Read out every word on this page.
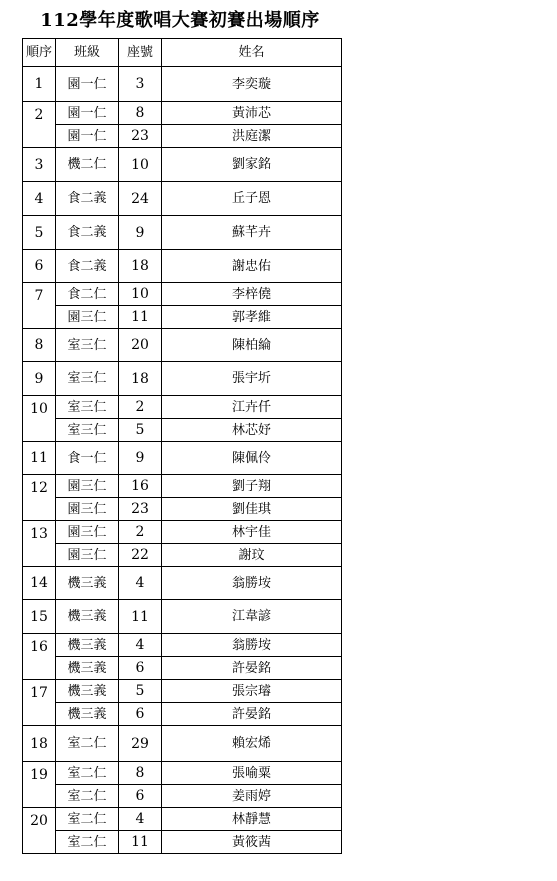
112學年度歌唱大賽初賽出場順序
順序	班級	座號	姓名
1	園一仁	3	李奕璇
2	園一仁	8	黃沛芯
	園一仁	23	洪庭潔
3	機二仁	10	劉家銘
4	食二義	24	丘子恩
5	食二義	9	蘇芊卉
6	食二義	18	謝忠佑
7	食二仁	10	李梓僥
	園三仁	11	郭孝維
8	室三仁	20	陳柏綸
9	室三仁	18	張宇圻
10	室三仁	2	江卉仟
	室三仁	5	林芯妤
11	食一仁	9	陳佩伶
12	園三仁	16	劉子翔
	園三仁	23	劉佳琪
13	園三仁	2	林宇佳
	園三仁	22	謝玟
14	機三義	4	翁勝垵
15	機三義	11	江韋諺
16	機三義	4	翁勝垵
	機三義	6	許晏銘
17	機三義	5	張宗璿
	機三義	6	許晏銘
18	室二仁	29	賴宏烯
19	室二仁	8	張喻粟
	室二仁	6	姜雨婷
20	室二仁	4	林靜慧
	室二仁	11	黃筱茜
